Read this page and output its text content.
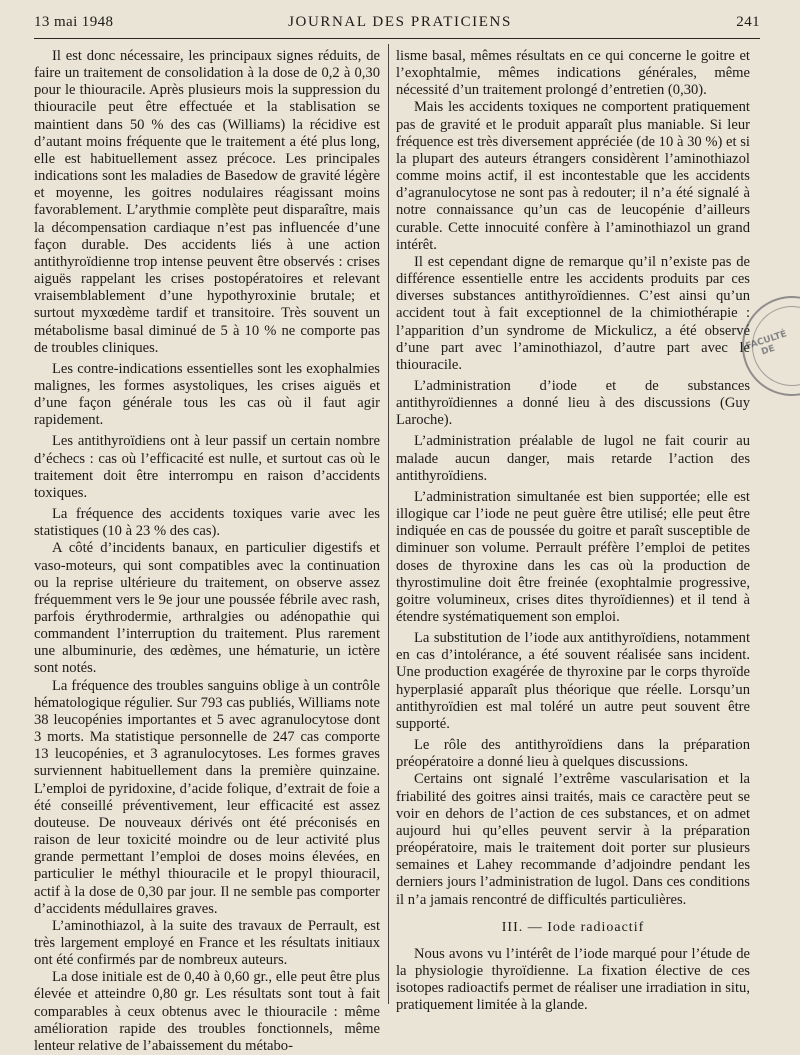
13 mai 1948	JOURNAL DES PRATICIENS	241

Il est donc nécessaire, les principaux signes réduits, de faire un traitement de consolidation à la dose de 0,2 à 0,30 pour le thiouracile. Après plusieurs mois la suppression du thiouracile peut être effectuée et la stablisation se maintient dans 50 % des cas (Williams) la récidive est d’autant moins fréquente que le traitement a été plus long, elle est habituellement assez précoce. Les principales indications sont les maladies de Basedow de gravité légère et moyenne, les goitres nodulaires réagissant moins favorablement. L’arythmie complète peut disparaître, mais la décompensation cardiaque n’est pas influencée d’une façon durable. Des accidents liés à une action antithyroïdienne trop intense peuvent être observés : crises aiguës rappelant les crises postopératoires et relevant vraisemblablement d’une hypothyroxinie brutale; et surtout myxœdème tardif et transitoire. Très souvent un métabolisme basal diminué de 5 à 10 % ne comporte pas de troubles cliniques.

Les contre-indications essentielles sont les exophalmies malignes, les formes asystoliques, les crises aiguës et d’une façon générale tous les cas où il faut agir rapidement.

Les antithyroïdiens ont à leur passif un certain nombre d’échecs : cas où l’efficacité est nulle, et surtout cas où le traitement doit être interrompu en raison d’accidents toxiques.

La fréquence des accidents toxiques varie avec les statistiques (10 à 23 % des cas).

A côté d’incidents banaux, en particulier digestifs et vaso-moteurs, qui sont compatibles avec la continuation ou la reprise ultérieure du traitement, on observe assez fréquemment vers le 9e jour une poussée fébrile avec rash, parfois érythrodermie, arthralgies ou adénopathie qui commandent l’interruption du traitement. Plus rarement une albuminurie, des œdèmes, une hématurie, un ictère sont notés.

La fréquence des troubles sanguins oblige à un contrôle hématologique régulier. Sur 793 cas publiés, Williams note 38 leucopénies importantes et 5 avec agranulocytose dont 3 morts. Ma statistique personnelle de 247 cas comporte 13 leucopénies, et 3 agranulocytoses. Les formes graves surviennent habituellement dans la première quinzaine. L’emploi de pyridoxine, d’acide folique, d’extrait de foie a été conseillé préventivement, leur efficacité est assez douteuse. De nouveaux dérivés ont été préconisés en raison de leur toxicité moindre ou de leur activité plus grande permettant l’emploi de doses moins élevées, en particulier le méthyl thiouracile et le propyl thiouracil, actif à la dose de 0,30 par jour. Il ne semble pas comporter d’accidents médullaires graves.

L’aminothiazol, à la suite des travaux de Perrault, est très largement employé en France et les résultats initiaux ont été confirmés par de nombreux auteurs.

La dose initiale est de 0,40 à 0,60 gr., elle peut être plus élevée et atteindre 0,80 gr. Les résultats sont tout à fait comparables à ceux obtenus avec le thiouracile : même amélioration rapide des troubles fonctionnels, même lenteur relative de l’abaissement du métabo-

lisme basal, mêmes résultats en ce qui concerne le goitre et l’exophtalmie, mêmes indications générales, même nécessité d’un traitement prolongé d’entretien (0,30).

Mais les accidents toxiques ne comportent pratiquement pas de gravité et le produit apparaît plus maniable. Si leur fréquence est très diversement appréciée (de 10 à 30 %) et si la plupart des auteurs étrangers considèrent l’aminothiazol comme moins actif, il est incontestable que les accidents d’agranulocytose ne sont pas à redouter; il n’a été signalé à notre connaissance qu’un cas de leucopénie d’ailleurs curable. Cette innocuité confère à l’aminothiazol un grand intérêt.

Il est cependant digne de remarque qu’il n’existe pas de différence essentielle entre les accidents produits par ces diverses substances antithyroïdiennes. C’est ainsi qu’un accident tout à fait exceptionnel de la chimiothérapie : l’apparition d’un syndrome de Mickulicz, a été observé d’une part avec l’aminothiazol, d’autre part avec le thiouracile.

L’administration d’iode et de substances antithyroïdiennes a donné lieu à des discussions (Guy Laroche).

L’administration préalable de lugol ne fait courir au malade aucun danger, mais retarde l’action des antithyroïdiens.

L’administration simultanée est bien supportée; elle est illogique car l’iode ne peut guère être utilisé; elle peut être indiquée en cas de poussée du goitre et paraît susceptible de diminuer son volume. Perrault préfère l’emploi de petites doses de thyroxine dans les cas où la production de thyrostimuline doit être freinée (exophtalmie progressive, goitre volumineux, crises dites thyroïdiennes) et il tend à étendre systématiquement son emploi.

La substitution de l’iode aux antithyroïdiens, notamment en cas d’intolérance, a été souvent réalisée sans incident. Une production exagérée de thyroxine par le corps thyroïde hyperplasié apparaît plus théorique que réelle. Lorsqu’un antithyroïdien est mal toléré un autre peut souvent être supporté.

Le rôle des antithyroïdiens dans la préparation préopératoire a donné lieu à quelques discussions.

Certains ont signalé l’extrême vascularisation et la friabilité des goitres ainsi traités, mais ce caractère peut se voir en dehors de l’action de ces substances, et on admet aujourd hui qu’elles peuvent servir à la préparation préopératoire, mais le traitement doit porter sur plusieurs semaines et Lahey recommande d’adjoindre pendant les derniers jours l’administration de lugol. Dans ces conditions il n’a jamais rencontré de difficultés particulières.

III. — Iode radioactif

Nous avons vu l’intérêt de l’iode marqué pour l’étude de la physiologie thyroïdienne. La fixation élective de ces isotopes radioactifs permet de réaliser une irradiation in situ, pratiquement limitée à la glande.

FACULTÉ DE
